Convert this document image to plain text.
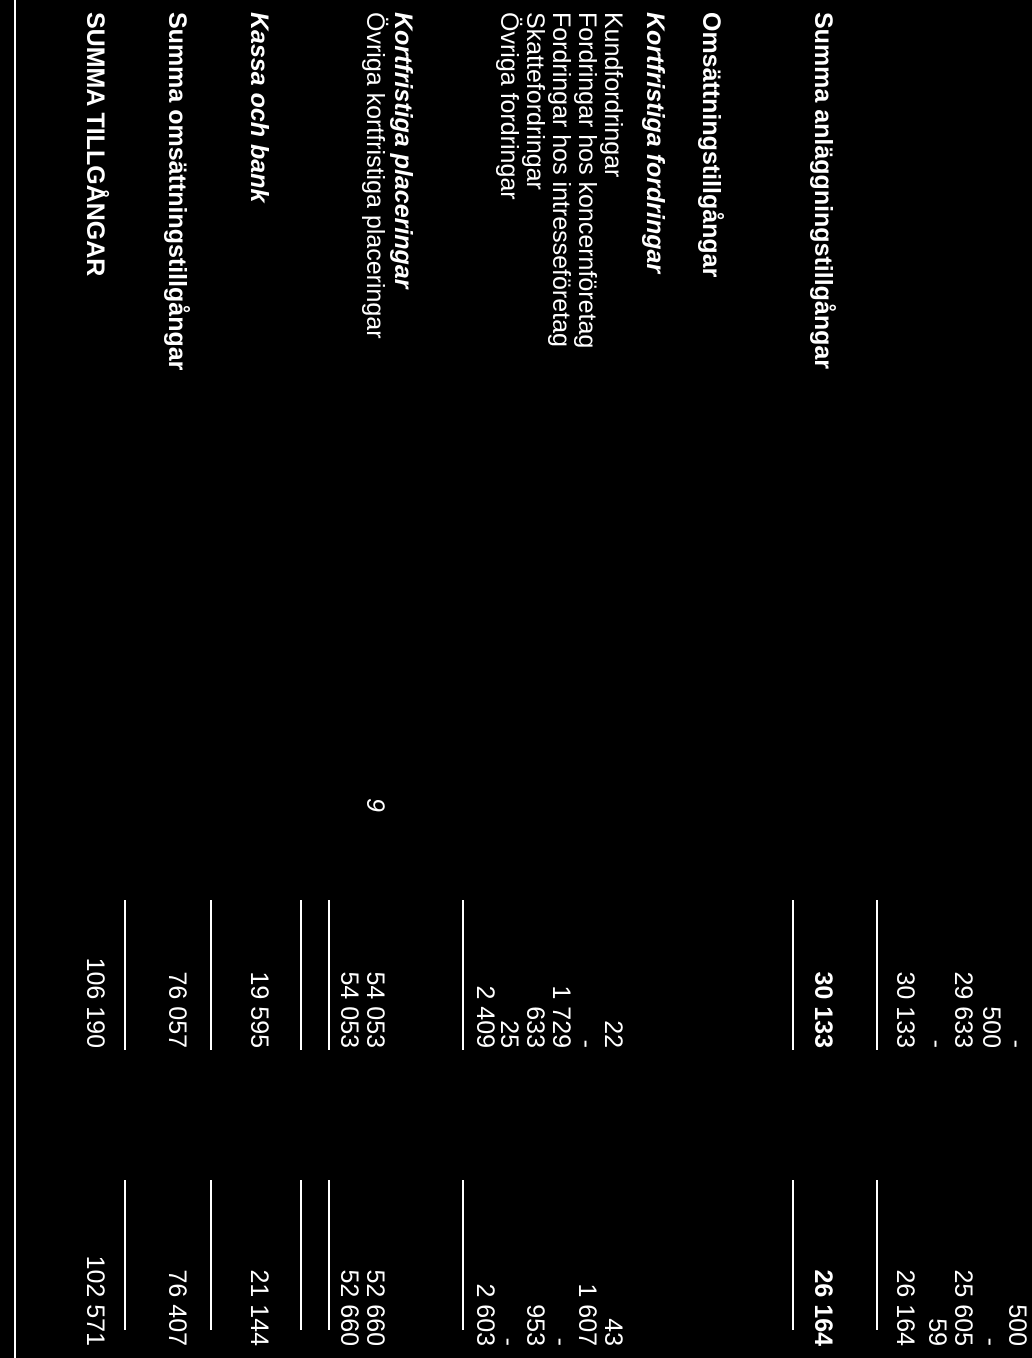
-
500
500
-
29 633
25 605
-
59
30 133
26 164
Summa anläggningstillgångar
30 133
26 164
Omsättningstillgångar
Kortfristiga fordringar
Kundfordringar
22
43
Fordringar hos koncernföretag
-
1 607
Fordringar hos intresseföretag
1 729
-
Skattefordringar
633
953
Övriga fordringar
25
-
2 409
2 603
Kortfristiga placeringar
Övriga kortfristiga placeringar
9
54 053
52 660
54 053
52 660
Kassa och bank
19 595
21 144
Summa omsättningstillgångar
76 057
76 407
SUMMA TILLGÅNGAR
106 190
102 571
